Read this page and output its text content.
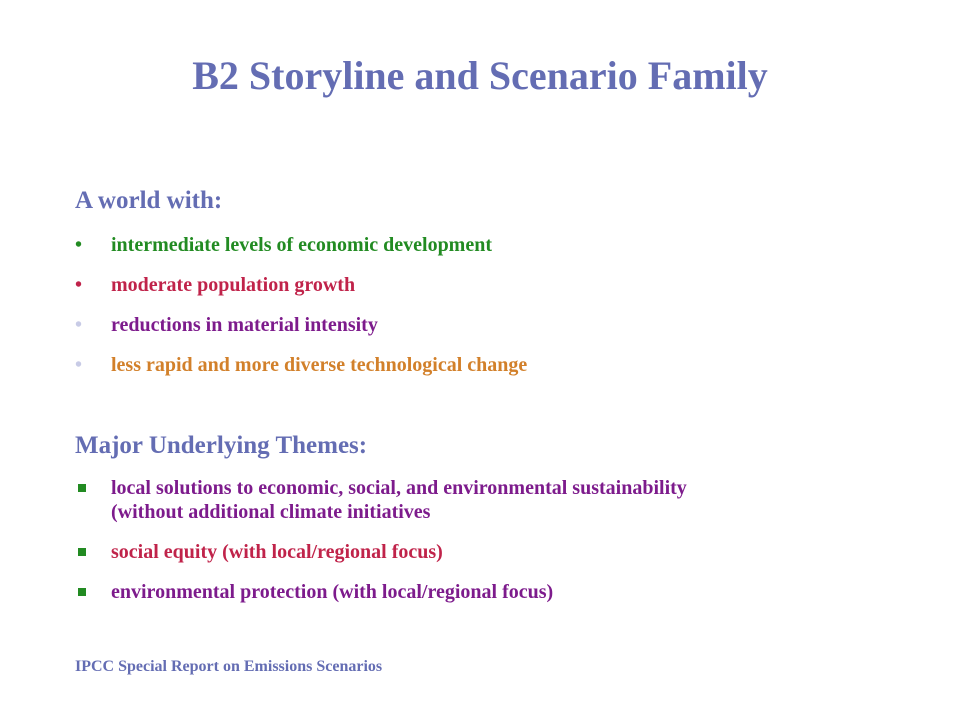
B2 Storyline and Scenario Family
A world with:
• intermediate levels of economic development
• moderate population growth
• reductions in material intensity
• less rapid and more diverse technological change
Major Underlying Themes:
local solutions to economic, social, and environmental sustainability (without additional climate initiatives
social equity (with local/regional focus)
environmental protection (with local/regional focus)
IPCC Special Report on Emissions Scenarios
